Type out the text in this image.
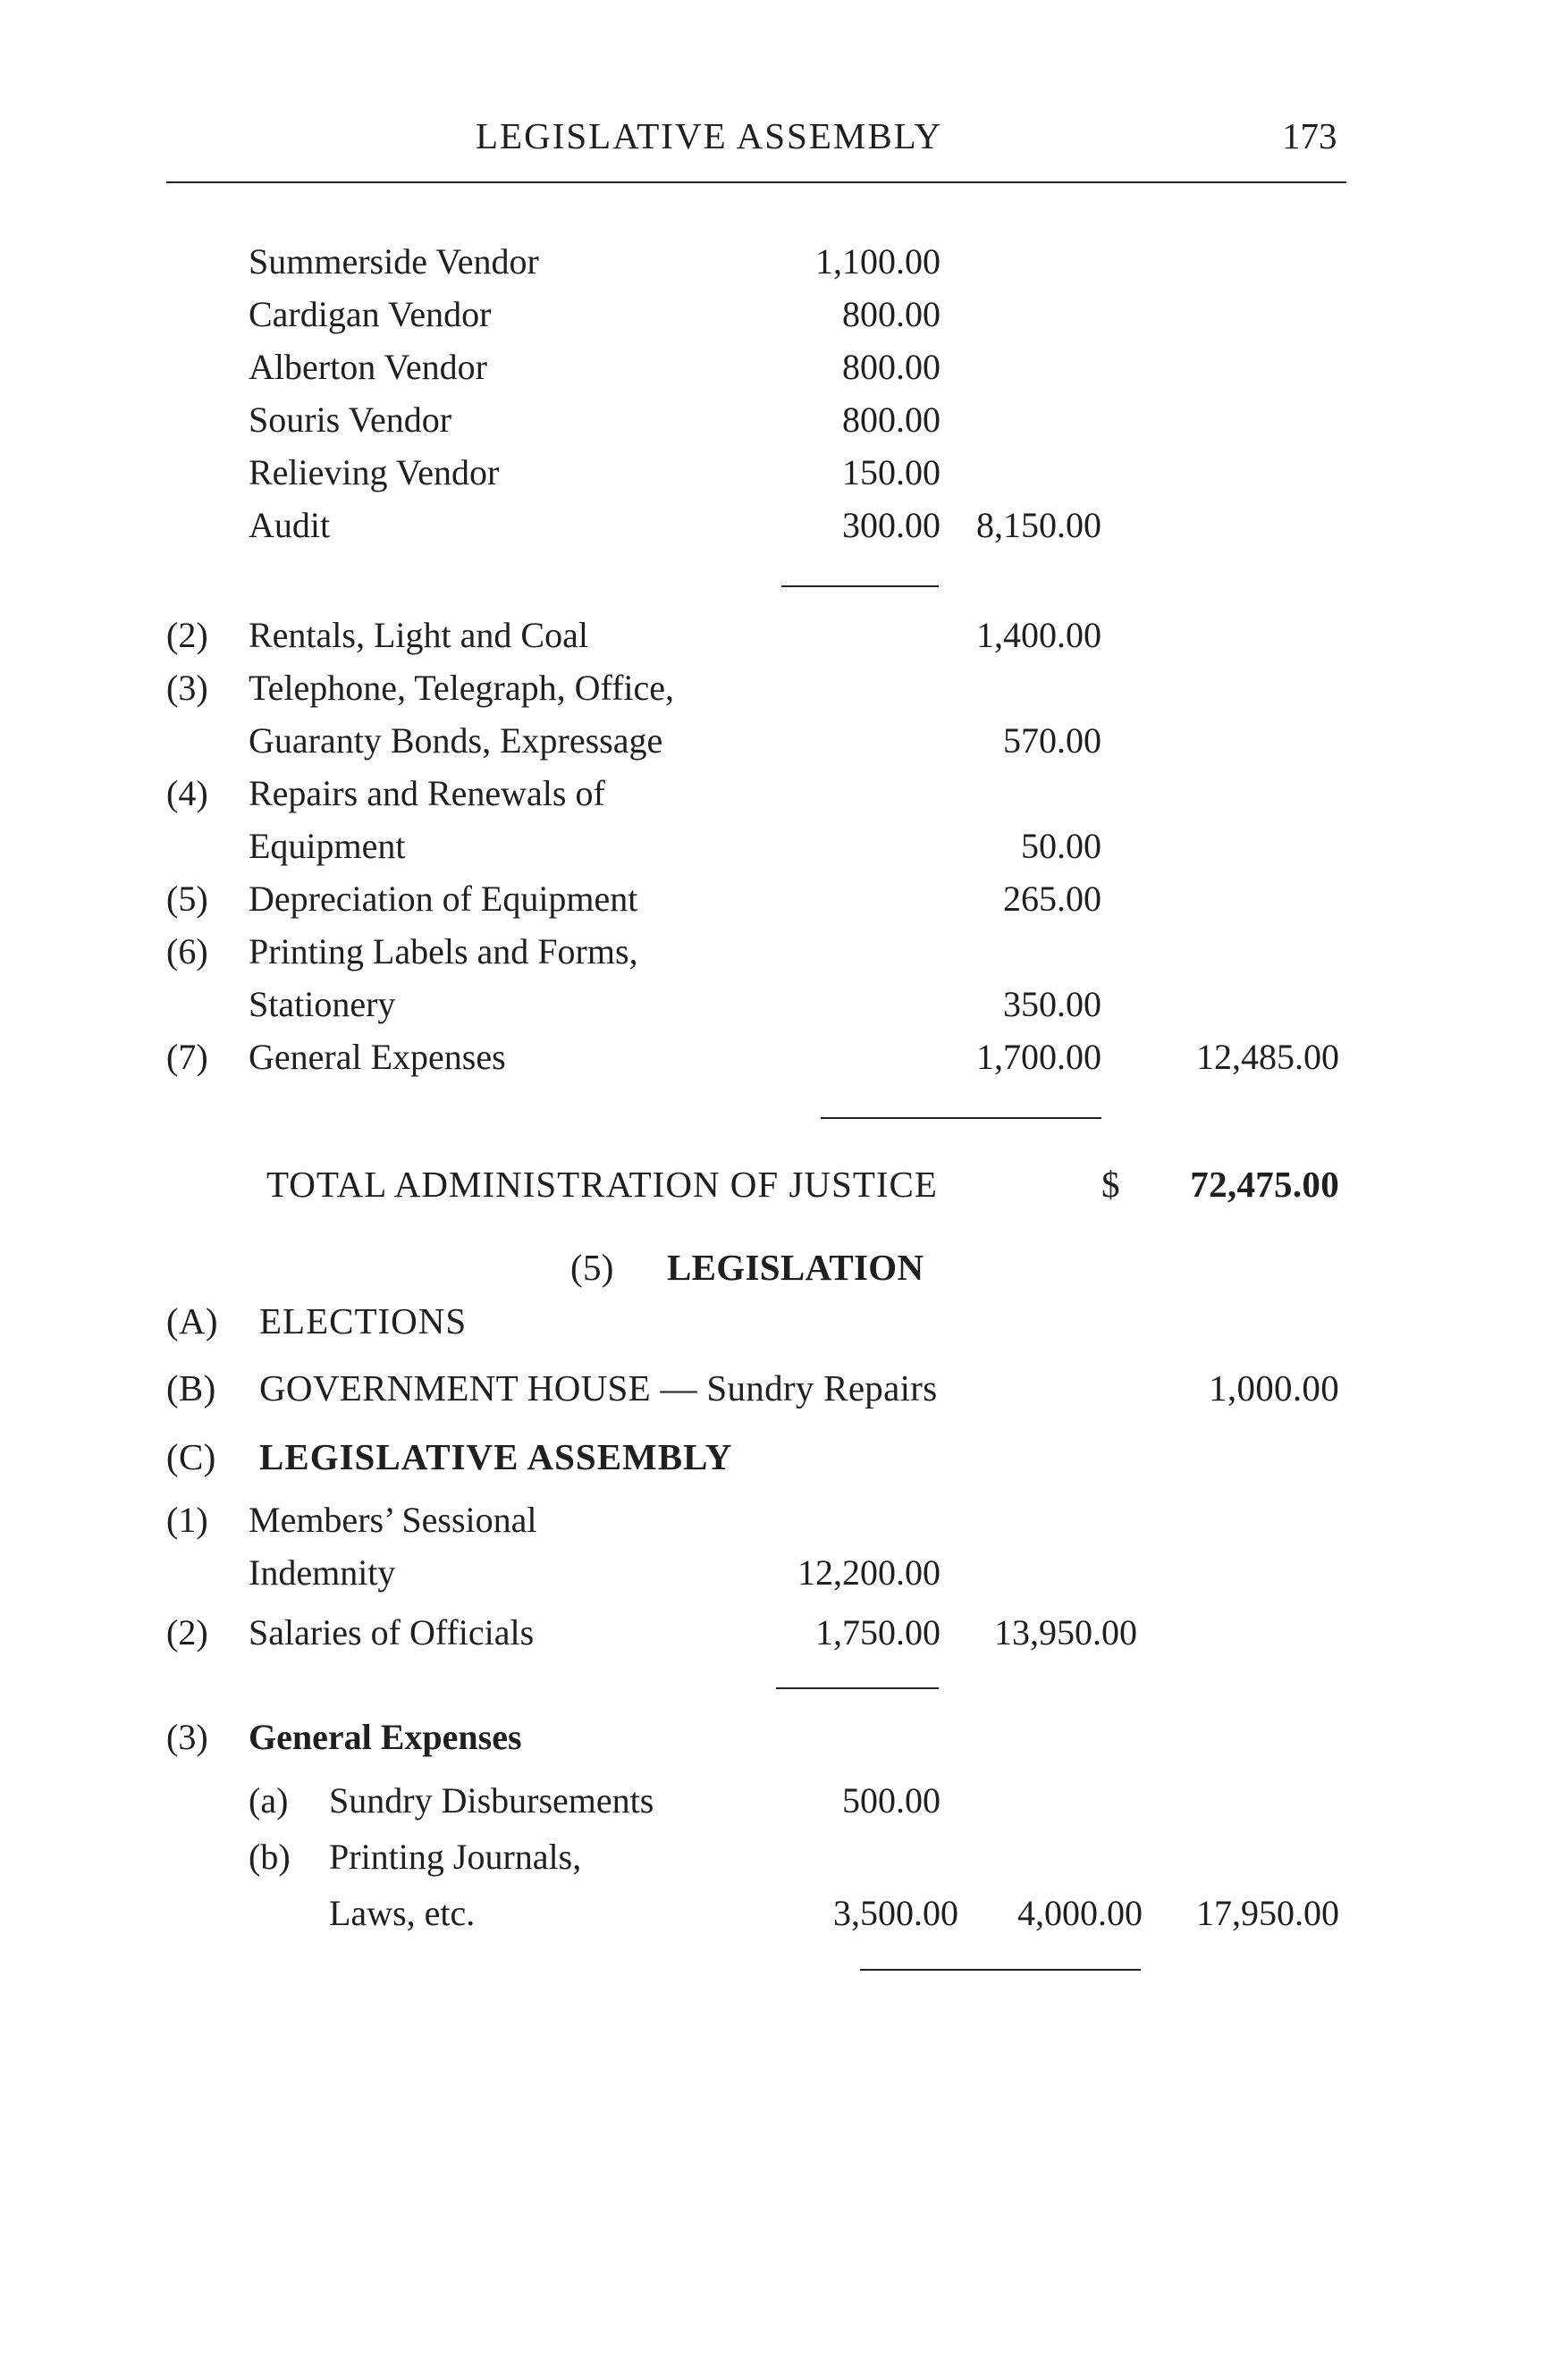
LEGISLATIVE ASSEMBLY	173
Summerside Vendor	1,100.00
Cardigan Vendor	800.00
Alberton Vendor	800.00
Souris Vendor	800.00
Relieving Vendor	150.00
Audit	300.00	8,150.00
(2) Rentals, Light and Coal	1,400.00
(3) Telephone, Telegraph, Office,
Guaranty Bonds, Expressage	570.00
(4) Repairs and Renewals of
Equipment	50.00
(5) Depreciation of Equipment	265.00
(6) Printing Labels and Forms,
Stationery	350.00
(7) General Expenses	1,700.00	12,485.00
TOTAL ADMINISTRATION OF JUSTICE	$	72,475.00
(5) LEGISLATION
(A) ELECTIONS
(B) GOVERNMENT HOUSE — Sundry Repairs	1,000.00
(C) LEGISLATIVE ASSEMBLY
(1) Members’ Sessional
Indemnity	12,200.00
(2) Salaries of Officials	1,750.00	13,950.00
(3) General Expenses
(a) Sundry Disbursements	500.00
(b) Printing Journals,
Laws, etc.	3,500.00	4,000.00	17,950.00
